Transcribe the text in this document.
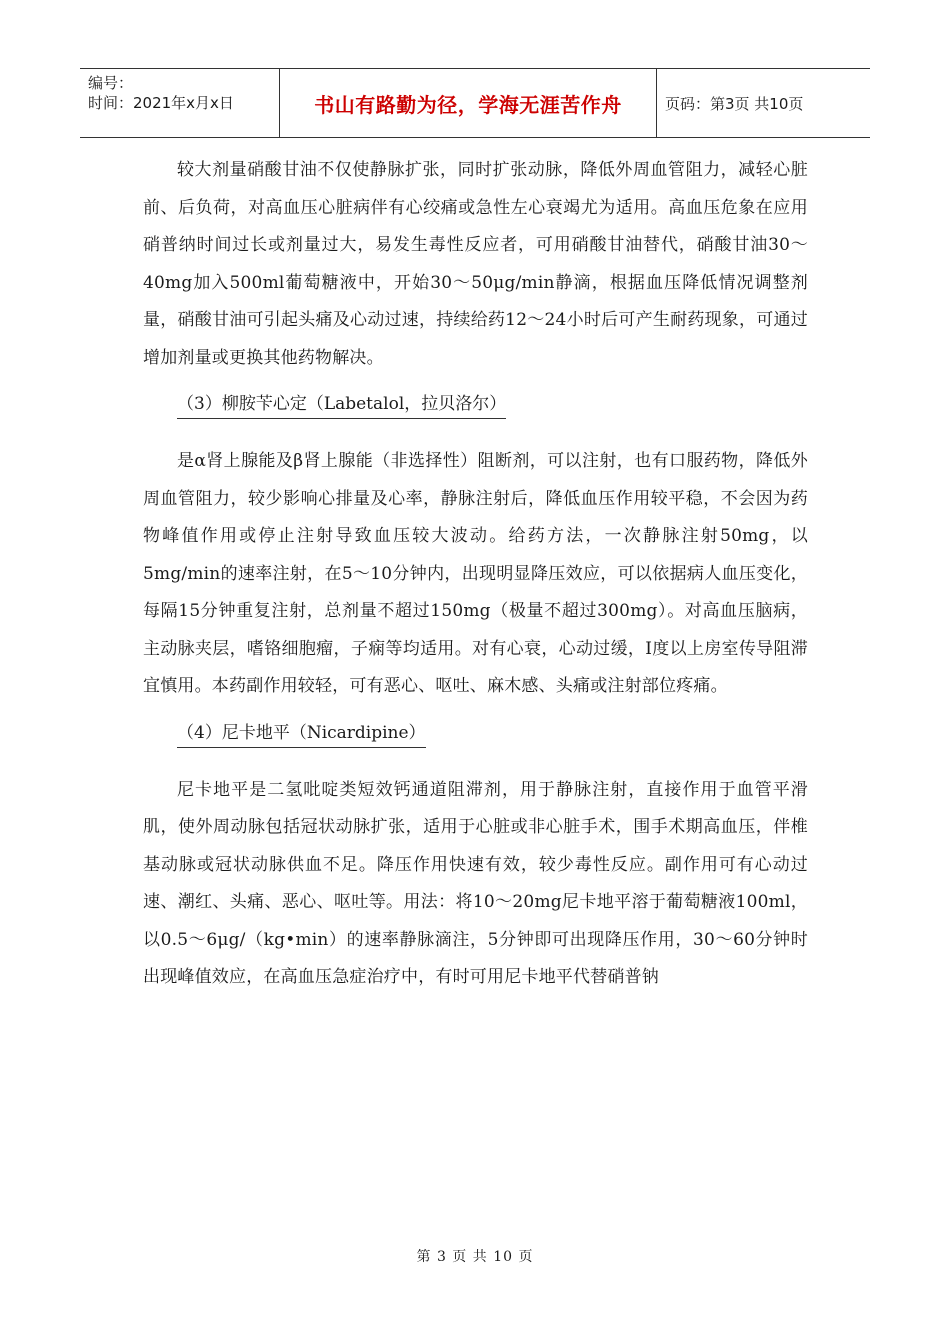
编号：
时间：2021年x月x日	书山有路勤为径，学海无涯苦作舟	页码：第3页 共10页

较大剂量硝酸甘油不仅使静脉扩张，同时扩张动脉，降低外周血管阻力，减轻心脏前、后负荷，对高血压心脏病伴有心绞痛或急性左心衰竭尤为适用。高血压危象在应用硝普纳时间过长或剂量过大，易发生毒性反应者，可用硝酸甘油替代，硝酸甘油30～40mg加入500ml葡萄糖液中，开始30～50μg/min静滴，根据血压降低情况调整剂量，硝酸甘油可引起头痛及心动过速，持续给药12～24小时后可产生耐药现象，可通过增加剂量或更换其他药物解决。

（3）柳胺苄心定（Labetalol，拉贝洛尔）

是α肾上腺能及β肾上腺能（非选择性）阻断剂，可以注射，也有口服药物，降低外周血管阻力，较少影响心排量及心率，静脉注射后，降低血压作用较平稳，不会因为药物峰值作用或停止注射导致血压较大波动。给药方法，一次静脉注射50mg，以5mg/min的速率注射，在5～10分钟内，出现明显降压效应，可以依据病人血压变化，每隔15分钟重复注射，总剂量不超过150mg（极量不超过300mg）。对高血压脑病，主动脉夹层，嗜铬细胞瘤，子痫等均适用。对有心衰，心动过缓，Ⅰ度以上房室传导阻滞宜慎用。本药副作用较轻，可有恶心、呕吐、麻木感、头痛或注射部位疼痛。

（4）尼卡地平（Nicardipine）

尼卡地平是二氢吡啶类短效钙通道阻滞剂，用于静脉注射，直接作用于血管平滑肌，使外周动脉包括冠状动脉扩张，适用于心脏或非心脏手术，围手术期高血压，伴椎基动脉或冠状动脉供血不足。降压作用快速有效，较少毒性反应。副作用可有心动过速、潮红、头痛、恶心、呕吐等。用法：将10～20mg尼卡地平溶于葡萄糖液100ml，以0.5～6μg/（kg•min）的速率静脉滴注，5分钟即可出现降压作用，30～60分钟时出现峰值效应，在高血压急症治疗中，有时可用尼卡地平代替硝普钠

第 3 页 共 10 页
